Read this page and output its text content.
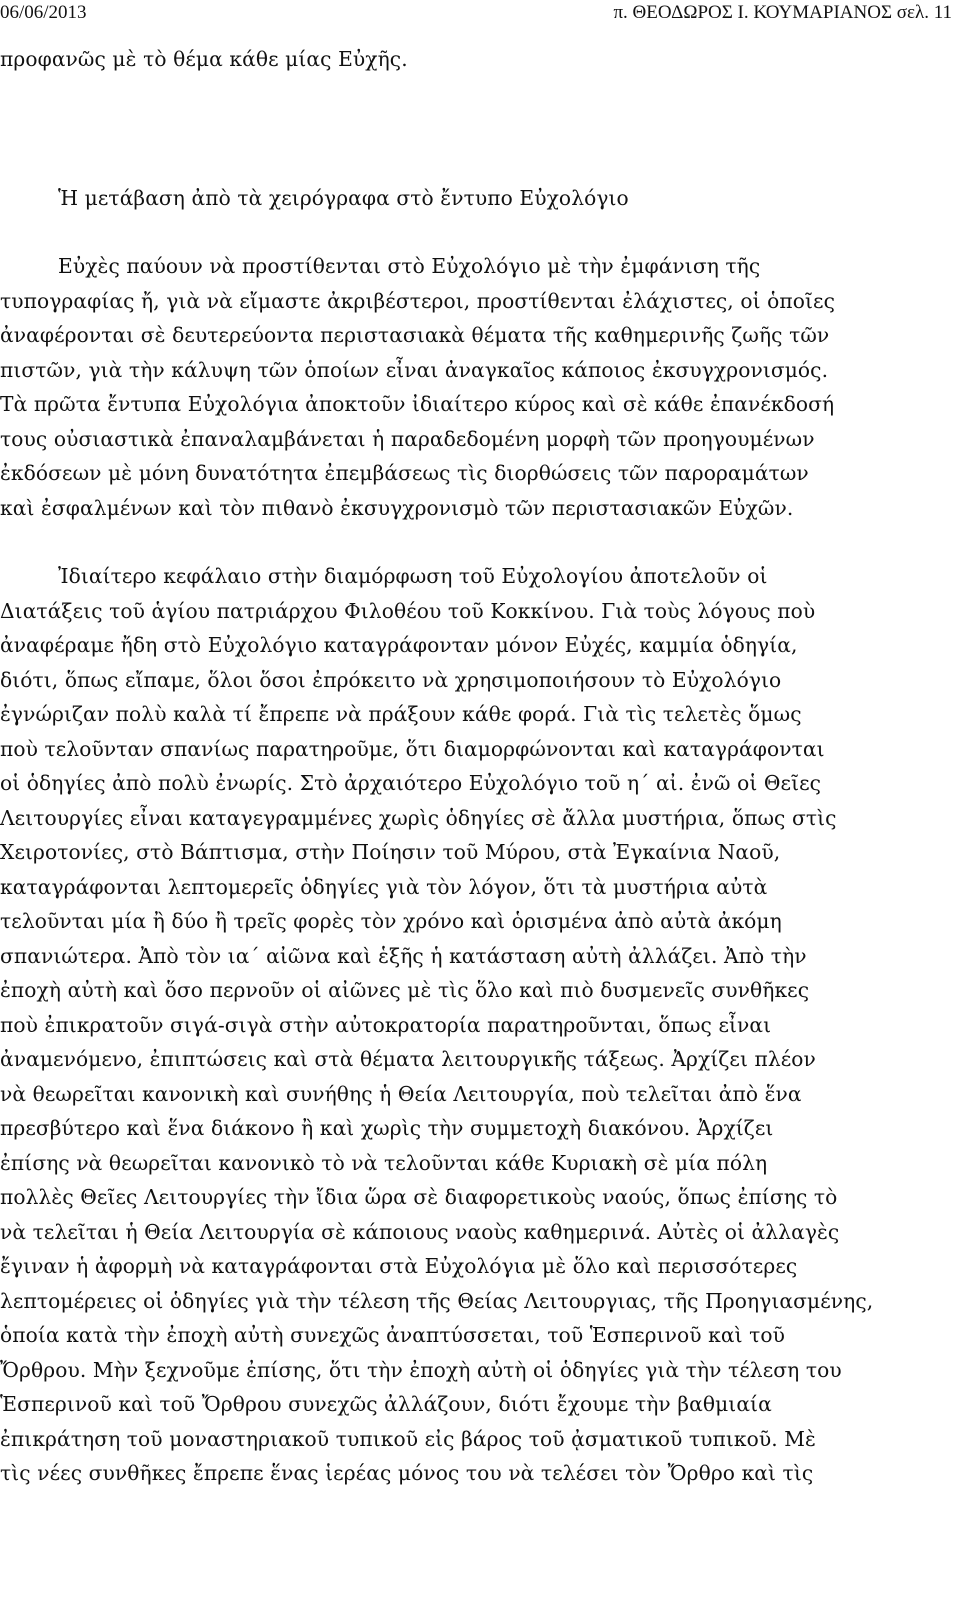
06/06/2013	π. ΘΕΟΔΩΡΟΣ Ι. ΚΟΥΜΑΡΙΑΝΟΣ σελ. 11

προφανῶς μὲ τὸ θέμα κάθε μίας Εὐχῆς.

Ἡ μετάβαση ἀπὸ τὰ χειρόγραφα στὸ ἔντυπο Εὐχολόγιο

Εὐχὲς παύουν νὰ προστίθενται στὸ Εὐχολόγιο μὲ τὴν ἐμφάνιση τῆς
τυπογραφίας ἤ, γιὰ νὰ εἴμαστε ἀκριβέστεροι, προστίθενται ἐλάχιστες, οἱ ὁποῖες
ἀναφέρονται σὲ δευτερεύοντα περιστασιακὰ θέματα τῆς καθημερινῆς ζωῆς τῶν
πιστῶν, γιὰ τὴν κάλυψη τῶν ὁποίων εἶναι ἀναγκαῖος κάποιος ἐκσυγχρονισμός.
Τὰ πρῶτα ἔντυπα Εὐχολόγια ἀποκτοῦν ἰδιαίτερο κύρος καὶ σὲ κάθε ἐπανέκδοσή
τους οὐσιαστικὰ ἐπαναλαμβάνεται ἡ παραδεδομένη μορφὴ τῶν προηγουμένων
ἐκδόσεων μὲ μόνη δυνατότητα ἐπεμβάσεως τὶς διορθώσεις τῶν παροραμάτων
καὶ ἐσφαλμένων καὶ τὸν πιθανὸ ἐκσυγχρονισμὸ τῶν περιστασιακῶν Εὐχῶν.
Ἰδιαίτερο κεφάλαιο στὴν διαμόρφωση τοῦ Εὐχολογίου ἀποτελοῦν οἱ
Διατάξεις τοῦ ἁγίου πατριάρχου Φιλοθέου τοῦ Κοκκίνου. Γιὰ τοὺς λόγους ποὺ
ἀναφέραμε ἤδη στὸ Εὐχολόγιο καταγράφονταν μόνον Εὐχές, καμμία ὁδηγία,
διότι, ὅπως εἴπαμε, ὅλοι ὅσοι ἐπρόκειτο νὰ χρησιμοποιήσουν τὸ Εὐχολόγιο
ἐγνώριζαν πολὺ καλὰ τί ἔπρεπε νὰ πράξουν κάθε φορά. Γιὰ τὶς τελετὲς ὅμως
ποὺ τελοῦνταν σπανίως παρατηροῦμε, ὅτι διαμορφώνονται καὶ καταγράφονται
οἱ ὁδηγίες ἀπὸ πολὺ ἐνωρίς. Στὸ ἀρχαιότερο Εὐχολόγιο τοῦ η΄ αἰ. ἐνῶ οἱ Θεῖες
Λειτουργίες εἶναι καταγεγραμμένες χωρὶς ὁδηγίες σὲ ἄλλα μυστήρια, ὅπως στὶς
Χειροτονίες, στὸ Βάπτισμα, στὴν Ποίησιν τοῦ Μύρου, στὰ Ἐγκαίνια Ναοῦ,
καταγράφονται λεπτομερεῖς ὁδηγίες γιὰ τὸν λόγον, ὅτι τὰ μυστήρια αὐτὰ
τελοῦνται μία ἢ δύο ἢ τρεῖς φορὲς τὸν χρόνο καὶ ὁρισμένα ἀπὸ αὐτὰ ἀκόμη
σπανιώτερα. Ἀπὸ τὸν ια΄ αἰῶνα καὶ ἑξῆς ἡ κατάσταση αὐτὴ ἀλλάζει. Ἀπὸ τὴν
ἐποχὴ αὐτὴ καὶ ὅσο περνοῦν οἱ αἰῶνες μὲ τὶς ὅλο καὶ πιὸ δυσμενεῖς συνθῆκες
ποὺ ἐπικρατοῦν σιγά-σιγὰ στὴν αὐτοκρατορία παρατηροῦνται, ὅπως εἶναι
ἀναμενόμενο, ἐπιπτώσεις καὶ στὰ θέματα λειτουργικῆς τάξεως. Ἀρχίζει πλέον
νὰ θεωρεῖται κανονικὴ καὶ συνήθης ἡ Θεία Λειτουργία, ποὺ τελεῖται ἀπὸ ἕνα
πρεσβύτερο καὶ ἕνα διάκονο ἢ καὶ χωρὶς τὴν συμμετοχὴ διακόνου. Ἀρχίζει
ἐπίσης νὰ θεωρεῖται κανονικὸ τὸ νὰ τελοῦνται κάθε Κυριακὴ σὲ μία πόλη
πολλὲς Θεῖες Λειτουργίες τὴν ἴδια ὥρα σὲ διαφορετικοὺς ναούς, ὅπως ἐπίσης τὸ
νὰ τελεῖται ἡ Θεία Λειτουργία σὲ κάποιους ναοὺς καθημερινά. Αὐτὲς οἱ ἀλλαγὲς
ἔγιναν ἡ ἀφορμὴ νὰ καταγράφονται στὰ Εὐχολόγια μὲ ὅλο καὶ περισσότερες
λεπτομέρειες οἱ ὁδηγίες γιὰ τὴν τέλεση τῆς Θείας Λειτουργιας, τῆς Προηγιασμένης,
ὁποία κατὰ τὴν ἐποχὴ αὐτὴ συνεχῶς ἀναπτύσσεται, τοῦ Ἑσπερινοῦ καὶ τοῦ
Ὄρθρου. Μὴν ξεχνοῦμε ἐπίσης, ὅτι τὴν ἐποχὴ αὐτὴ οἱ ὁδηγίες γιὰ τὴν τέλεση του
Ἑσπερινοῦ καὶ τοῦ Ὄρθρου συνεχῶς ἀλλάζουν, διότι ἔχουμε τὴν βαθμιαία
ἐπικράτηση τοῦ μοναστηριακοῦ τυπικοῦ εἰς βάρος τοῦ ᾀσματικοῦ τυπικοῦ. Μὲ
τὶς νέες συνθῆκες ἔπρεπε ἕνας ἱερέας μόνος του νὰ τελέσει τὸν Ὄρθρο καὶ τὶς
